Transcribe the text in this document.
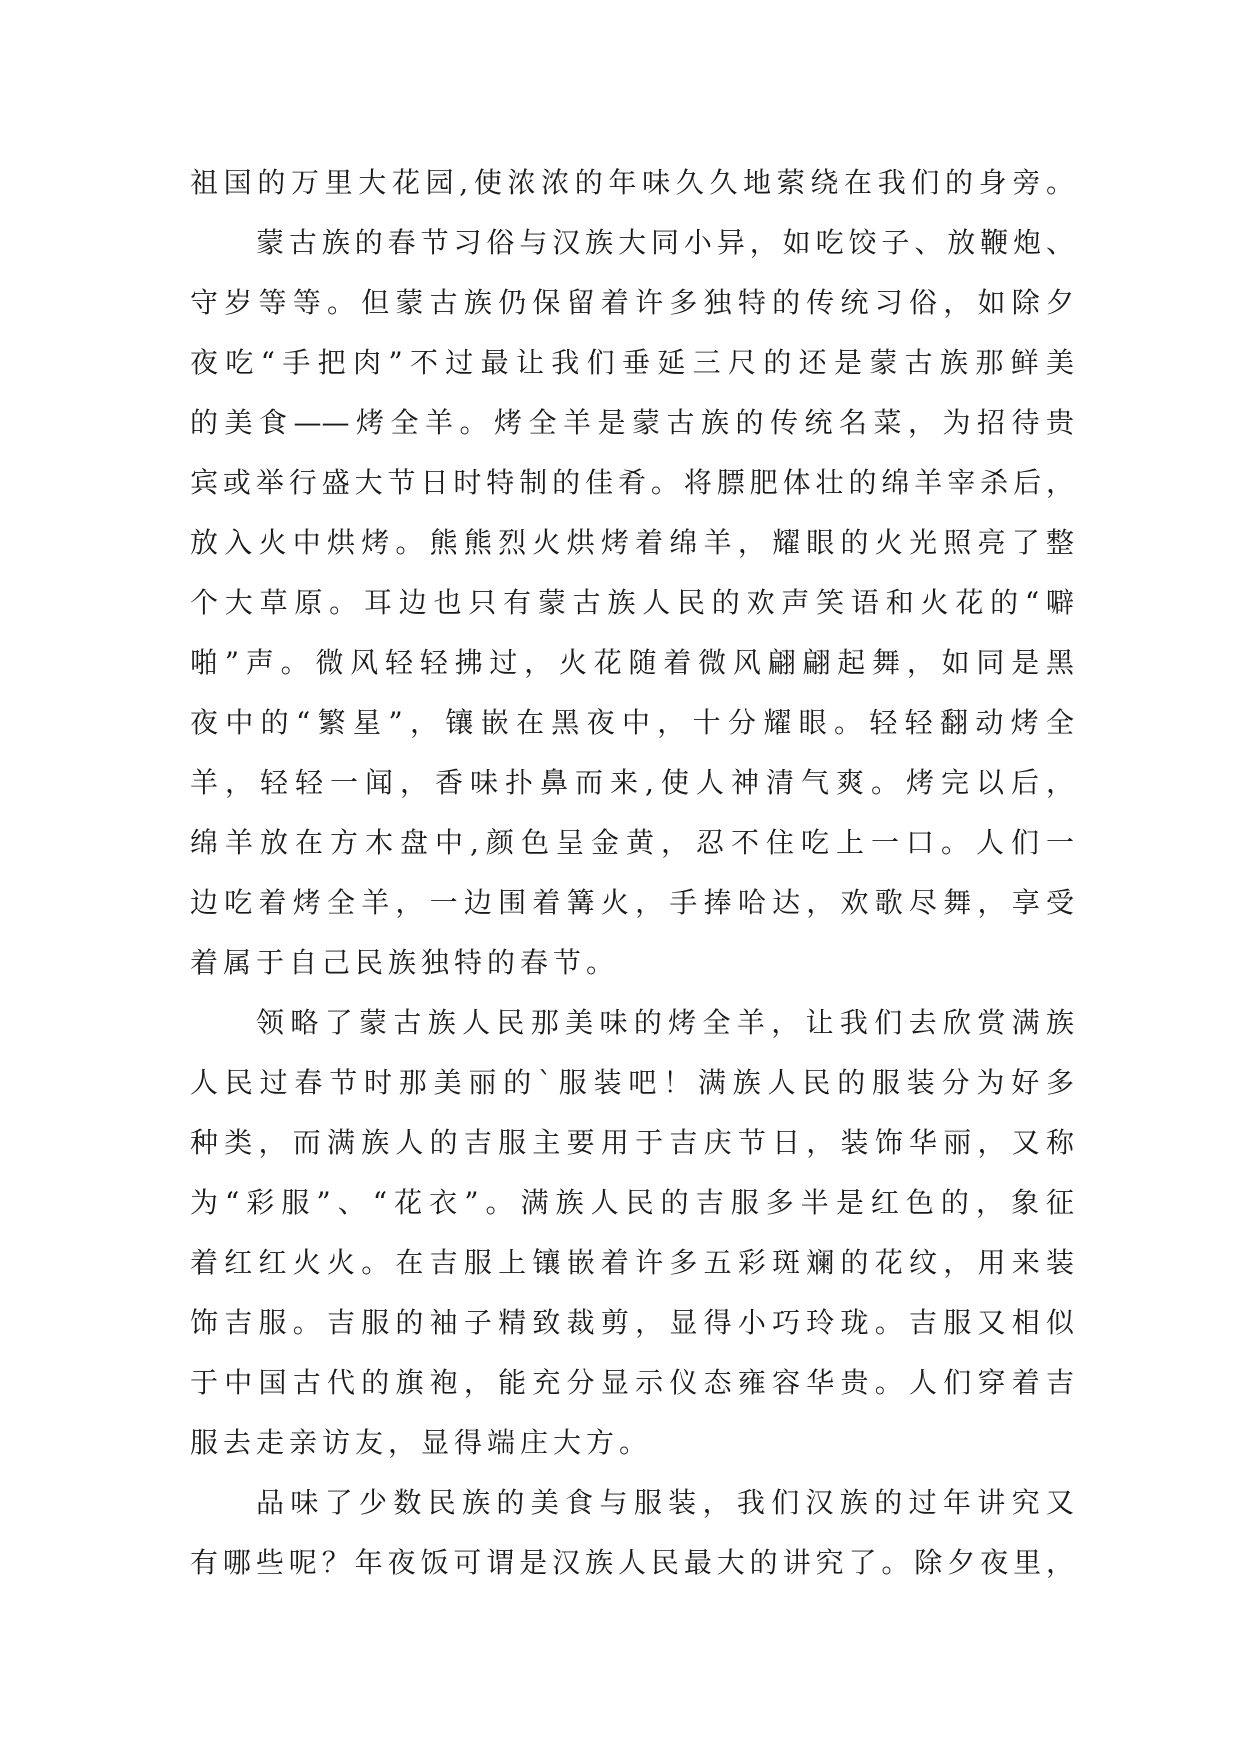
祖国的万里大花园,使浓浓的年味久久地萦绕在我们的身旁。
蒙古族的春节习俗与汉族大同小异，如吃饺子、放鞭炮、
守岁等等。但蒙古族仍保留着许多独特的传统习俗，如除夕
夜吃“手把肉”不过最让我们垂延三尺的还是蒙古族那鲜美
的美食——烤全羊。烤全羊是蒙古族的传统名菜，为招待贵
宾或举行盛大节日时特制的佳肴。将膘肥体壮的绵羊宰杀后，
放入火中烘烤。熊熊烈火烘烤着绵羊，耀眼的火光照亮了整
个大草原。耳边也只有蒙古族人民的欢声笑语和火花的“噼
啪”声。微风轻轻拂过，火花随着微风翩翩起舞，如同是黑
夜中的“繁星”，镶嵌在黑夜中，十分耀眼。轻轻翻动烤全
羊，轻轻一闻，香味扑鼻而来,使人神清气爽。烤完以后，
绵羊放在方木盘中,颜色呈金黄，忍不住吃上一口。人们一
边吃着烤全羊，一边围着篝火，手捧哈达，欢歌尽舞，享受
着属于自己民族独特的春节。
领略了蒙古族人民那美味的烤全羊，让我们去欣赏满族
人民过春节时那美丽的`服装吧！满族人民的服装分为好多
种类，而满族人的吉服主要用于吉庆节日，装饰华丽，又称
为“彩服”、“花衣”。满族人民的吉服多半是红色的，象征
着红红火火。在吉服上镶嵌着许多五彩斑斓的花纹，用来装
饰吉服。吉服的袖子精致裁剪，显得小巧玲珑。吉服又相似
于中国古代的旗袍，能充分显示仪态雍容华贵。人们穿着吉
服去走亲访友，显得端庄大方。
品味了少数民族的美食与服装，我们汉族的过年讲究又
有哪些呢？年夜饭可谓是汉族人民最大的讲究了。除夕夜里，
